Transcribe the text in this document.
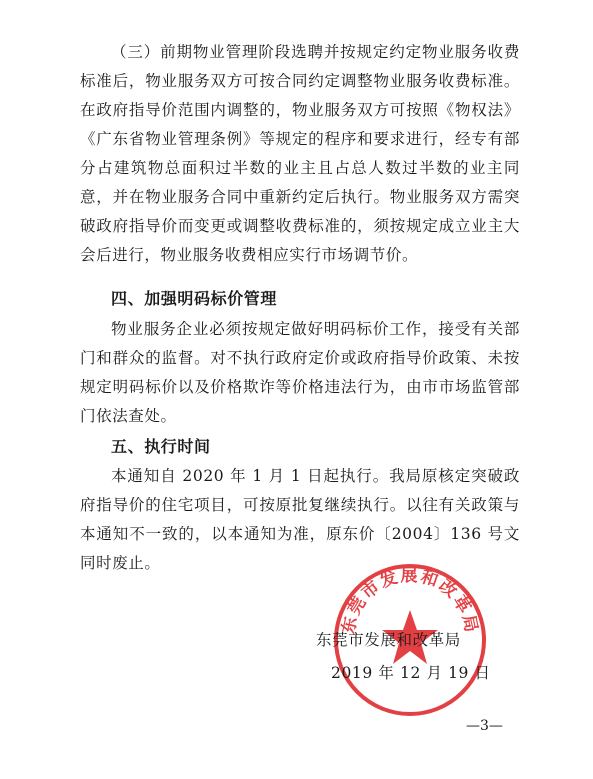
（三）前期物业管理阶段选聘并按规定约定物业服务收费标准后，物业服务双方可按合同约定调整物业服务收费标准。在政府指导价范围内调整的，物业服务双方可按照《物权法》《广东省物业管理条例》等规定的程序和要求进行，经专有部分占建筑物总面积过半数的业主且占总人数过半数的业主同意，并在物业服务合同中重新约定后执行。物业服务双方需突破政府指导价而变更或调整收费标准的，须按规定成立业主大会后进行，物业服务收费相应实行市场调节价。

四、加强明码标价管理

物业服务企业必须按规定做好明码标价工作，接受有关部门和群众的监督。对不执行政府定价或政府指导价政策、未按规定明码标价以及价格欺诈等价格违法行为，由市市场监管部门依法查处。

五、执行时间

本通知自 2020 年 1 月 1 日起执行。我局原核定突破政府指导价的住宅项目，可按原批复继续执行。以往有关政策与本通知不一致的，以本通知为准，原东价〔2004〕136 号文同时废止。

东莞市发展和改革局
东莞市发展和改革局
2019 年 12 月 19 日
—3—
